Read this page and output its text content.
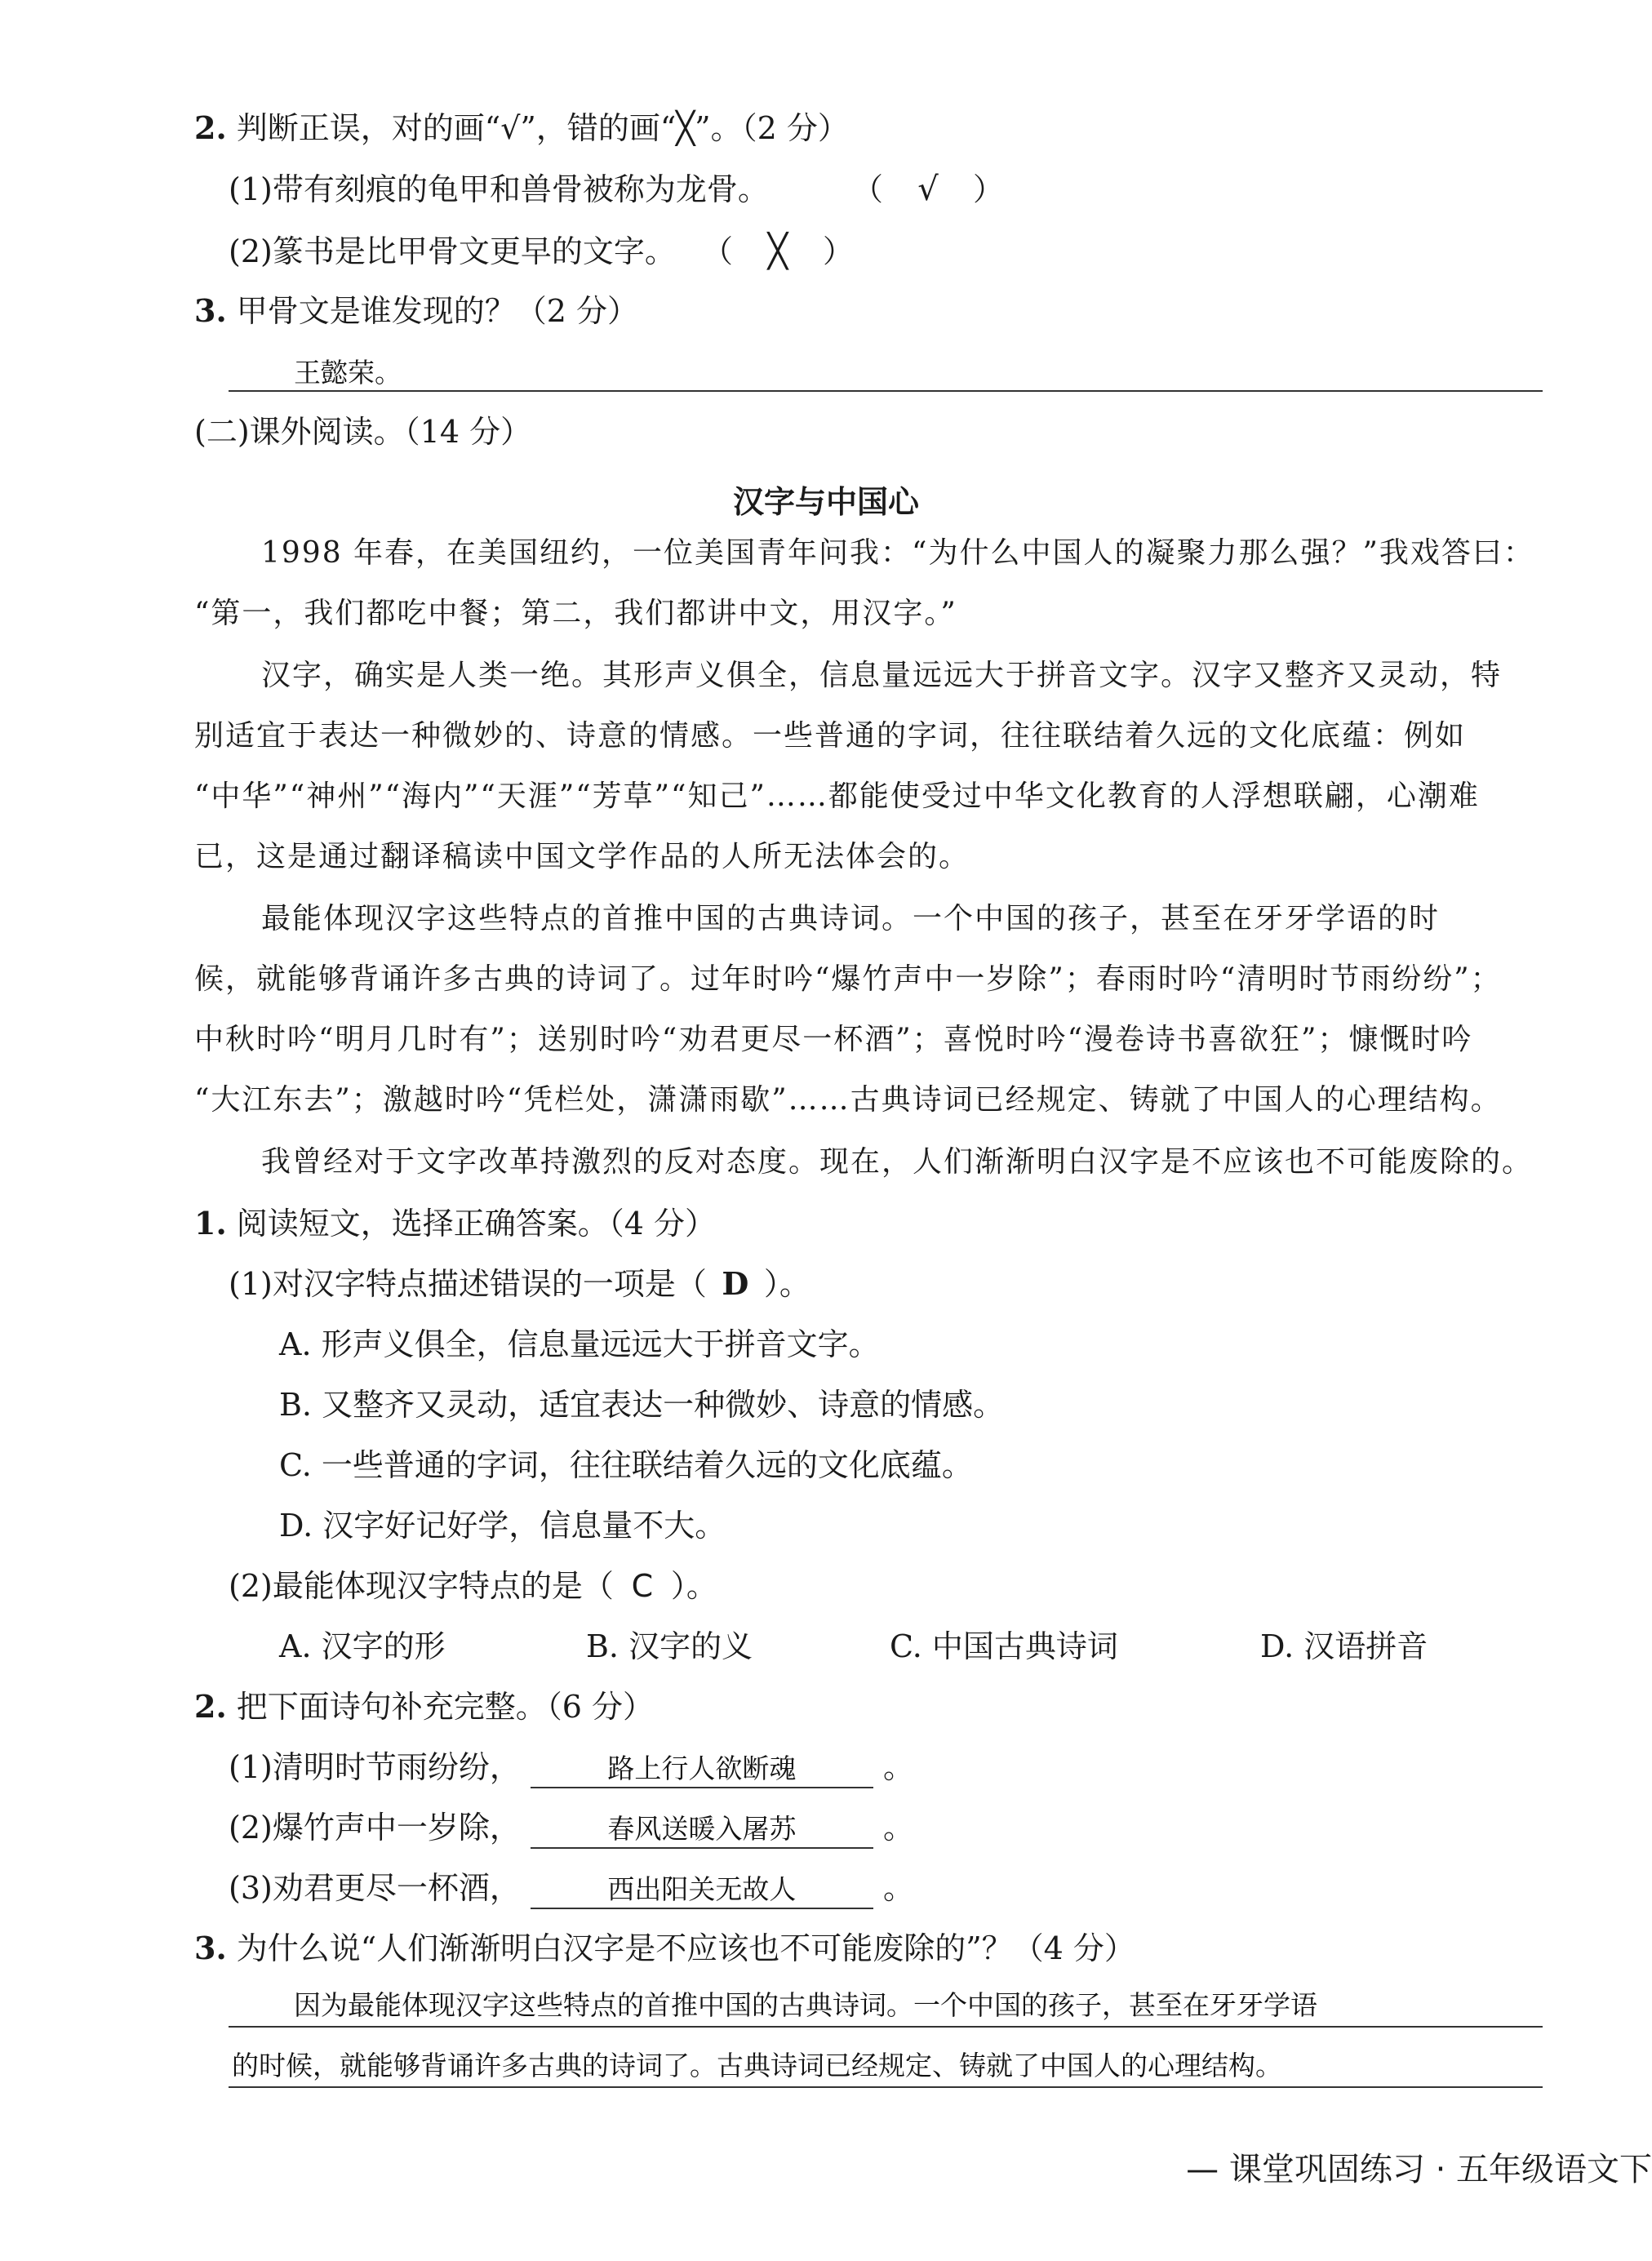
2. 判断正误，对的画“√”，错的画“╳”。（2 分）
(1)带有刻痕的龟甲和兽骨被称为龙骨。	（ √ ）
(2)篆书是比甲骨文更早的文字。 （ ╳ ）
3. 甲骨文是谁发现的？（2 分）
王懿荣。
(二)课外阅读。（14 分）
汉字与中国心
1998 年春，在美国纽约，一位美国青年问我：“为什么中国人的凝聚力那么强？”我戏答曰：
“第一，我们都吃中餐；第二，我们都讲中文，用汉字。”
汉字，确实是人类一绝。其形声义俱全，信息量远远大于拼音文字。汉字又整齐又灵动，特
别适宜于表达一种微妙的、诗意的情感。一些普通的字词，往往联结着久远的文化底蕴：例如
“中华”“神州”“海内”“天涯”“芳草”“知己”……都能使受过中华文化教育的人浮想联翩，心潮难
已，这是通过翻译稿读中国文学作品的人所无法体会的。
最能体现汉字这些特点的首推中国的古典诗词。一个中国的孩子，甚至在牙牙学语的时
候，就能够背诵许多古典的诗词了。过年时吟“爆竹声中一岁除”；春雨时吟“清明时节雨纷纷”；
中秋时吟“明月几时有”；送别时吟“劝君更尽一杯酒”；喜悦时吟“漫卷诗书喜欲狂”；慷慨时吟
“大江东去”；激越时吟“凭栏处，潇潇雨歇”……古典诗词已经规定、铸就了中国人的心理结构。
我曾经对于文字改革持激烈的反对态度。现在，人们渐渐明白汉字是不应该也不可能废除的。
1. 阅读短文，选择正确答案。（4 分）
(1)对汉字特点描述错误的一项是（ D ）。
A. 形声义俱全，信息量远远大于拼音文字。
B. 又整齐又灵动，适宜表达一种微妙、诗意的情感。
C. 一些普通的字词，往往联结着久远的文化底蕴。
D. 汉字好记好学，信息量不大。
(2)最能体现汉字特点的是（ C ）。
A. 汉字的形	B. 汉字的义	C. 中国古典诗词	D. 汉语拼音
2. 把下面诗句补充完整。（6 分）
(1)清明时节雨纷纷，	路上行人欲断魂	。
(2)爆竹声中一岁除，	春风送暖入屠苏	。
(3)劝君更尽一杯酒，	西出阳关无故人	。
3. 为什么说“人们渐渐明白汉字是不应该也不可能废除的”？（4 分）
因为最能体现汉字这些特点的首推中国的古典诗词。一个中国的孩子，甚至在牙牙学语
的时候，就能够背诵许多古典的诗词了。古典诗词已经规定、铸就了中国人的心理结构。
— 课堂巩固练习 · 五年级语文下
